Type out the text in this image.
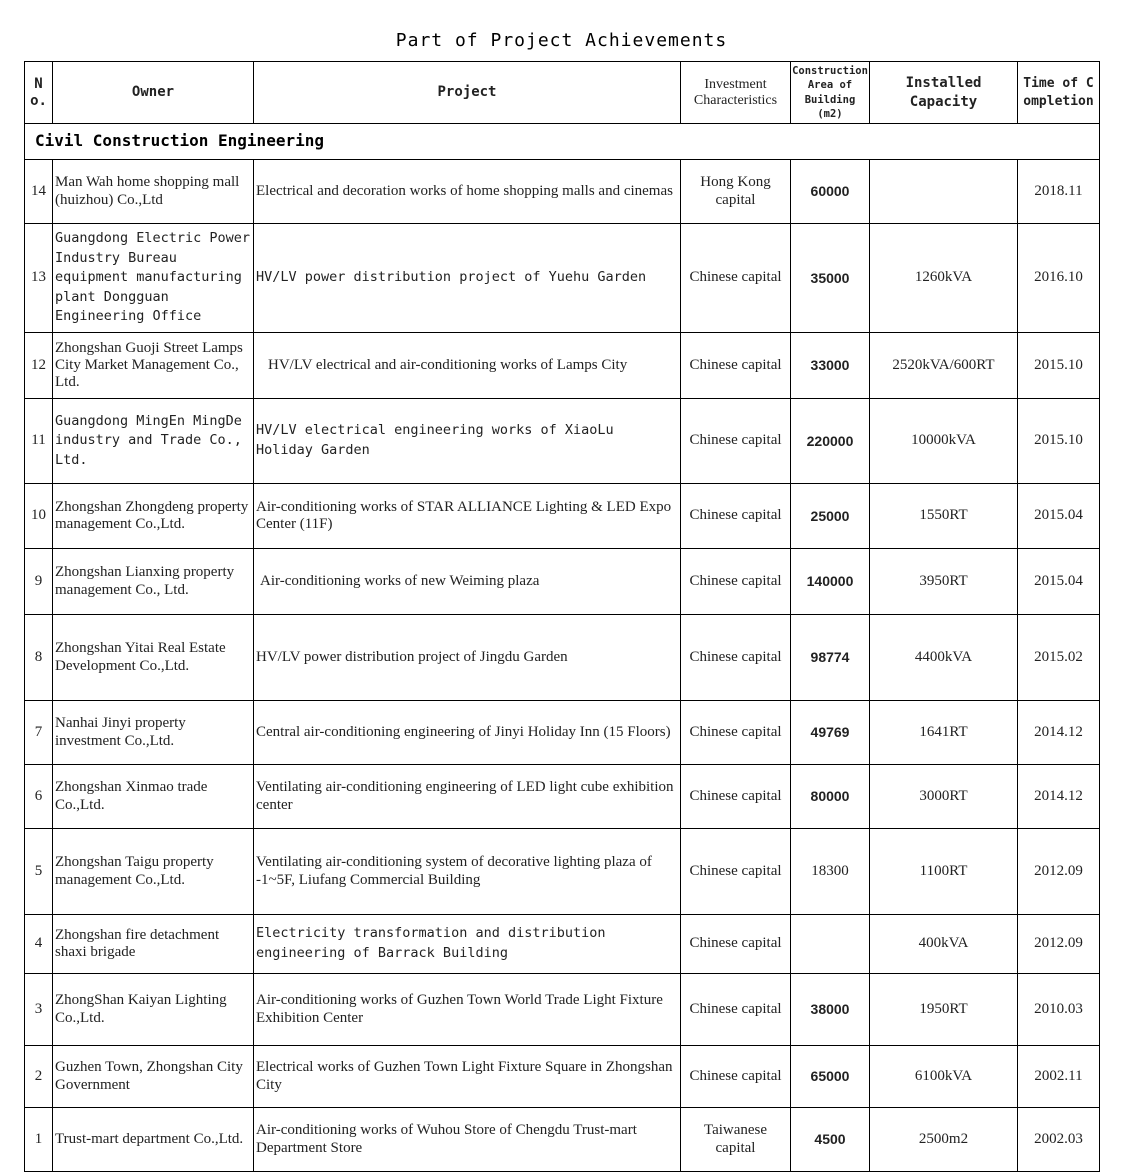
Part of Project Achievements
No.	Owner	Project	Investment Characteristics	Construction Area of Building (m2)	Installed Capacity	Time of Completion
Civil Construction Engineering						
14	Man Wah home shopping mall (huizhou) Co.,Ltd	Electrical and decoration works of home shopping malls and cinemas	Hong Kong capital	60000		2018.11
13	Guangdong Electric Power Industry Bureau equipment manufacturing plant Dongguan Engineering Office	HV/LV power distribution project of Yuehu Garden	Chinese capital	35000	1260kVA	2016.10
12	Zhongshan Guoji Street Lamps City Market Management Co., Ltd.	HV/LV electrical and air-conditioning works of Lamps City	Chinese capital	33000	2520kVA/600RT	2015.10
11	Guangdong MingEn MingDe industry and Trade Co., Ltd.	HV/LV electrical engineering works of XiaoLu Holiday Garden	Chinese capital	220000	10000kVA	2015.10
10	Zhongshan Zhongdeng property management Co.,Ltd.	Air-conditioning works of STAR ALLIANCE Lighting & LED Expo Center (11F)	Chinese capital	25000	1550RT	2015.04
9	Zhongshan Lianxing property management Co., Ltd.	Air-conditioning works of new Weiming plaza	Chinese capital	140000	3950RT	2015.04
8	Zhongshan Yitai Real Estate Development Co.,Ltd.	HV/LV power distribution project of Jingdu Garden	Chinese capital	98774	4400kVA	2015.02
7	Nanhai Jinyi property investment Co.,Ltd.	Central air-conditioning engineering of Jinyi Holiday Inn (15 Floors)	Chinese capital	49769	1641RT	2014.12
6	Zhongshan Xinmao trade Co.,Ltd.	Ventilating air-conditioning engineering of LED light cube exhibition center	Chinese capital	80000	3000RT	2014.12
5	Zhongshan Taigu property management Co.,Ltd.	Ventilating air-conditioning system of decorative lighting plaza of -1~5F, Liufang Commercial Building	Chinese capital	18300	1100RT	2012.09
4	Zhongshan fire detachment shaxi brigade	Electricity transformation and distribution engineering of Barrack Building	Chinese capital		400kVA	2012.09
3	ZhongShan Kaiyan Lighting Co.,Ltd.	Air-conditioning works of Guzhen Town World Trade Light Fixture Exhibition Center	Chinese capital	38000	1950RT	2010.03
2	Guzhen Town, Zhongshan City Government	Electrical works of Guzhen Town Light Fixture Square in Zhongshan City	Chinese capital	65000	6100kVA	2002.11
1	Trust-mart department Co.,Ltd.	Air-conditioning works of Wuhou Store of Chengdu Trust-mart Department Store	Taiwanese capital	4500	2500m2	2002.03
